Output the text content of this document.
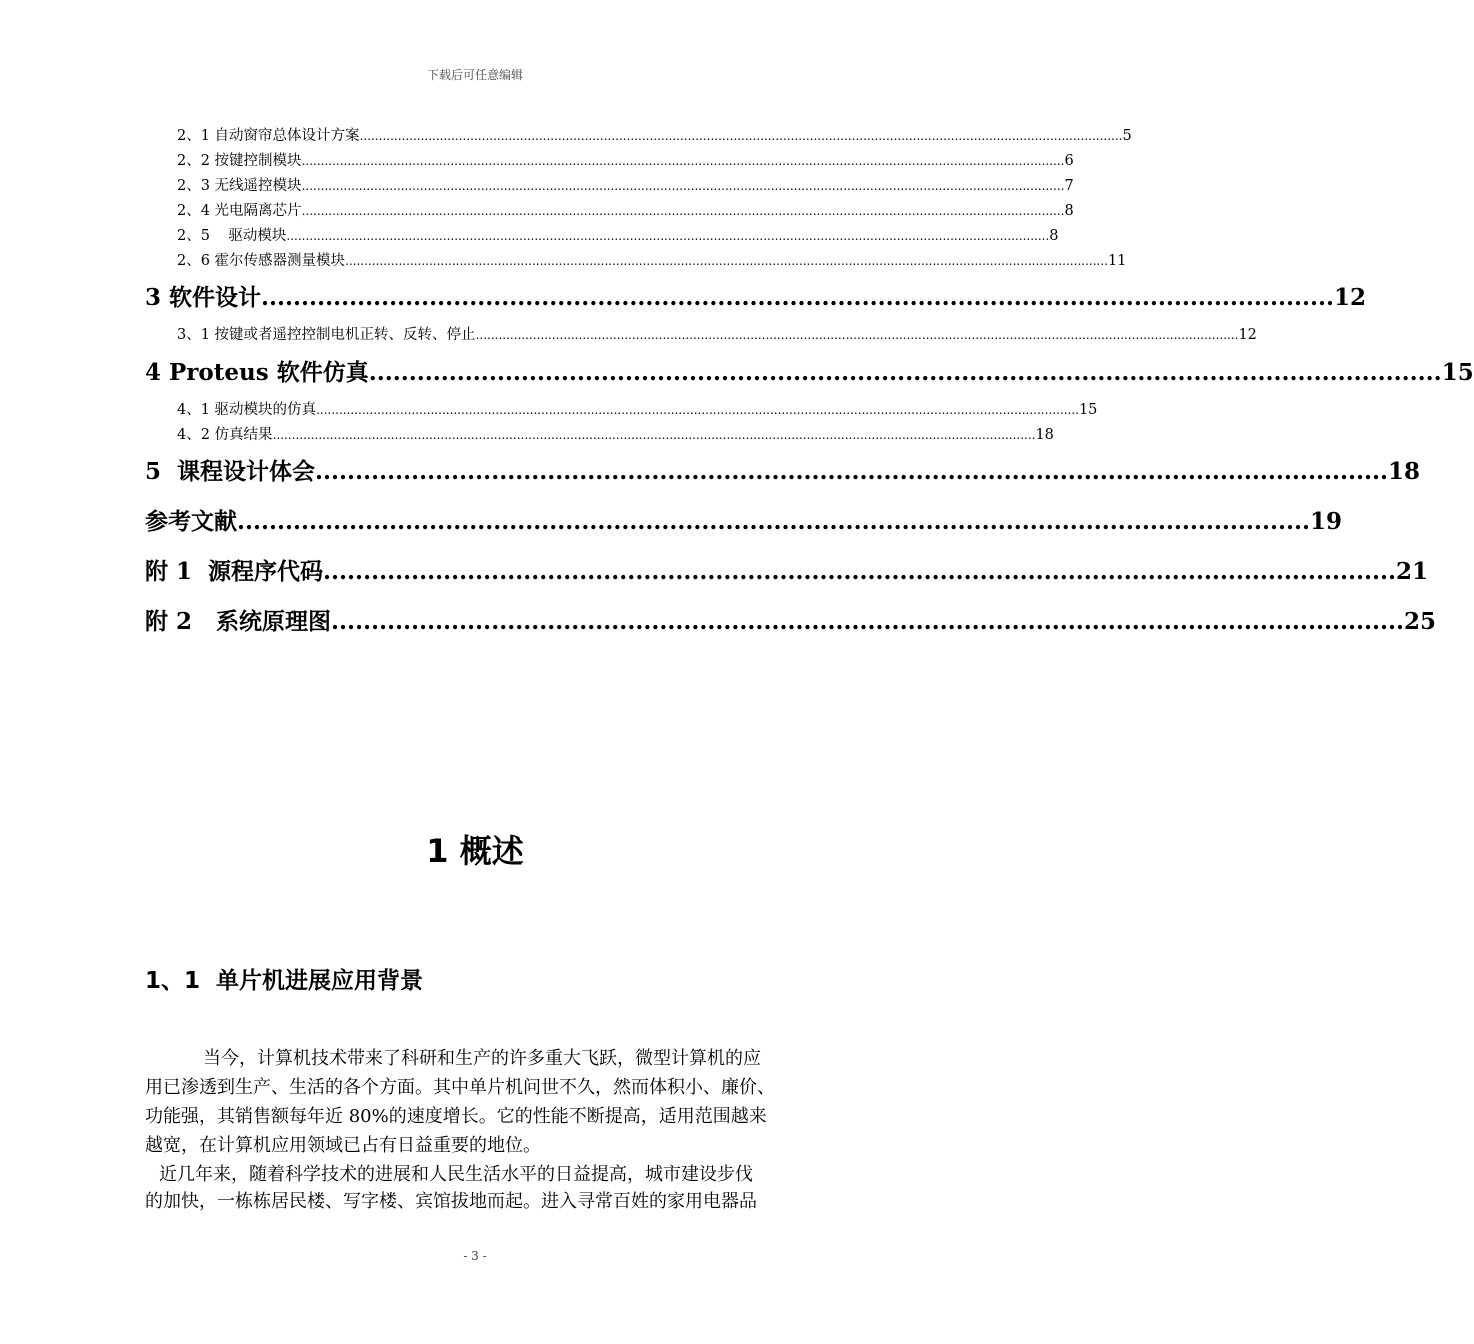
下载后可任意编辑
2、1 自动窗帘总体设计方案 ........................................................................................................................................................................................................ 5
2、2 按键控制模块 ........................................................................................................................................................................................................ 6
2、3 无线遥控模块 ........................................................................................................................................................................................................ 7
2、4 光电隔离芯片 ........................................................................................................................................................................................................ 8
2、5    驱动模块 ........................................................................................................................................................................................................ 8
2、6 霍尔传感器测量模块 ........................................................................................................................................................................................................ 11
3 软件设计 ...................................................................................................................................... 12
3、1 按键或者遥控控制电机正转、反转、停止 ........................................................................................................................................................................................................ 12
4 Proteus 软件仿真 ...................................................................................................................................... 15
4、1 驱动模块的仿真 ........................................................................................................................................................................................................ 15
4、2 仿真结果 ........................................................................................................................................................................................................ 18
5  课程设计体会 ...................................................................................................................................... 18
参考文献 ...................................................................................................................................... 19
附 1  源程序代码 ...................................................................................................................................... 21
附 2   系统原理图 ...................................................................................................................................... 25
1 概述
1、1  单片机进展应用背景
当今，计算机技术带来了科研和生产的许多重大飞跃，微型计算机的应
用已渗透到生产、生活的各个方面。其中单片机问世不久，然而体积小、廉价、
功能强，其销售额每年近 80%的速度增长。它的性能不断提高，适用范围越来
越宽，在计算机应用领域已占有日益重要的地位。
近几年来，随着科学技术的进展和人民生活水平的日益提高，城市建设步伐
的加快，一栋栋居民楼、写字楼、宾馆拔地而起。进入寻常百姓的家用电器品
- 3 -
